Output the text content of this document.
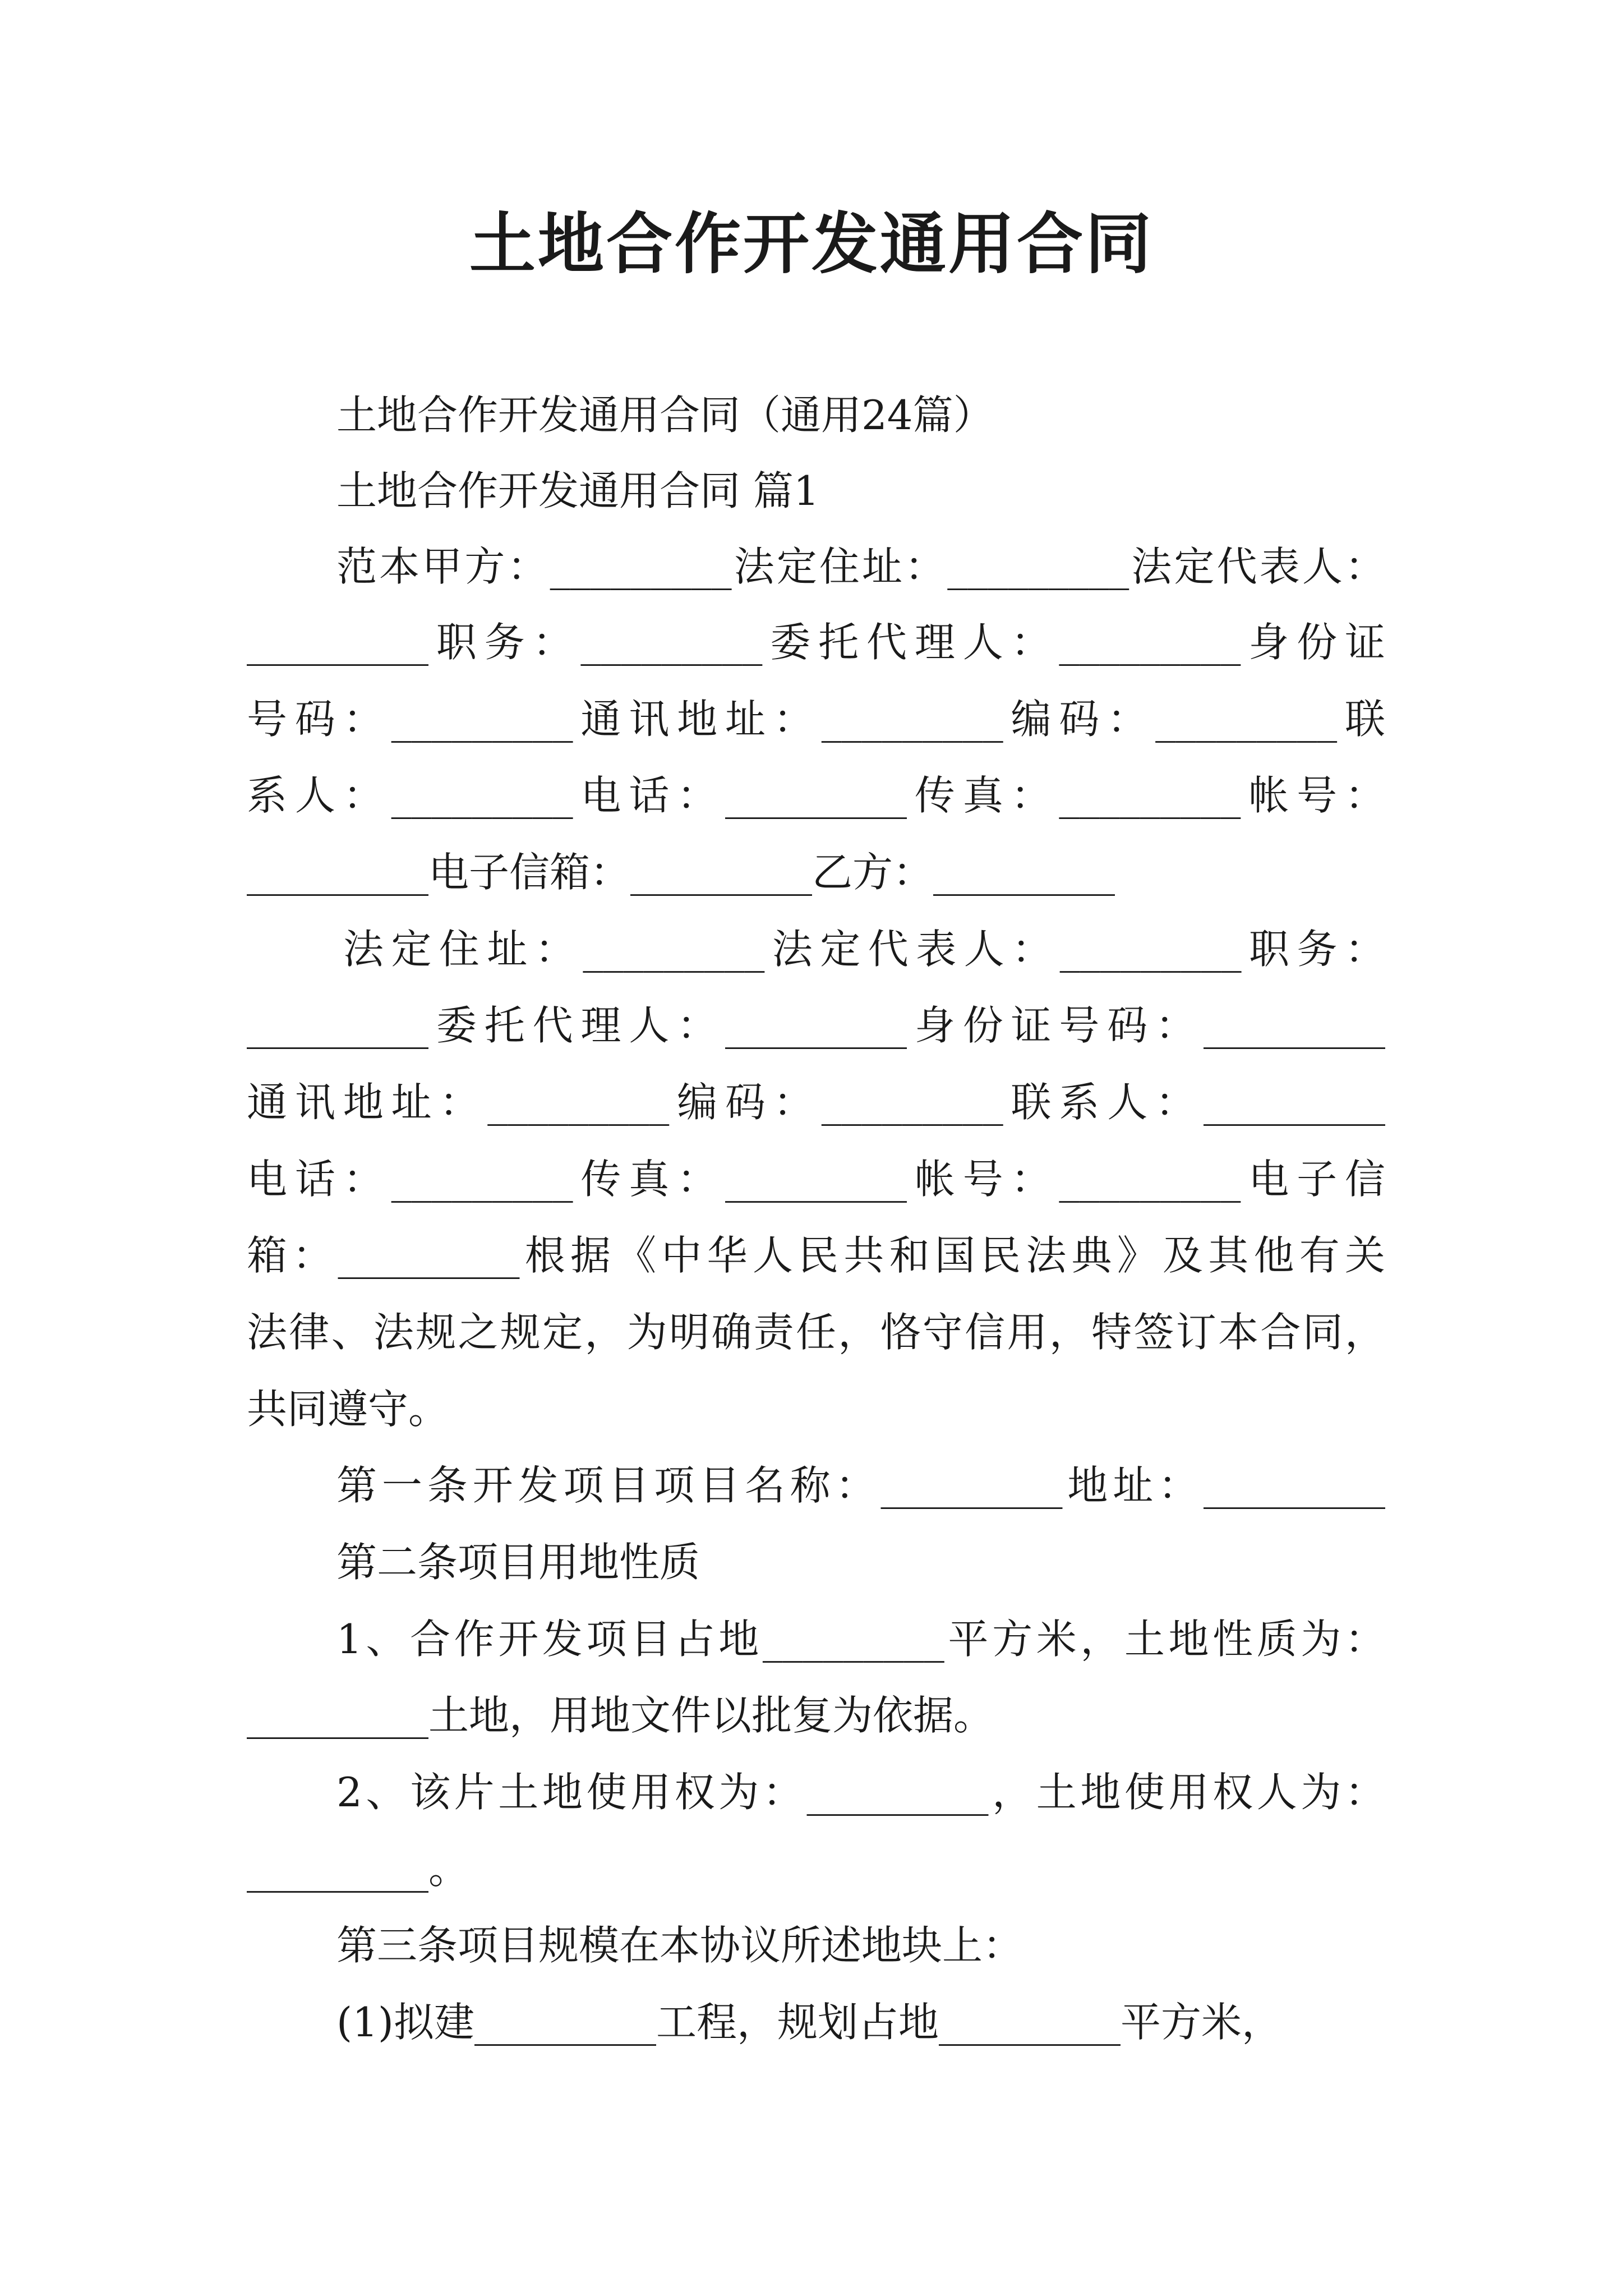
土地合作开发通用合同
土地合作开发通用合同（通用24篇）
土地合作开发通用合同 篇1
范本甲方：_________法定住址：_________法定代表人：
_________职务：_________委托代理人：_________身份证
号码：_________通讯地址：_________编码：_________联
系人：_________电话：_________传真：_________帐号：
_________电子信箱：_________乙方：_________
法定住址：_________法定代表人：_________职务：
_________委托代理人：_________身份证号码：_________
通讯地址：_________编码：_________联系人：_________
电话：_________传真：_________帐号：_________电子信
箱：_________根据《中华人民共和国民法典》及其他有关
法律、法规之规定，为明确责任，恪守信用，特签订本合同，
共同遵守。
第一条开发项目项目名称：_________地址：_________
第二条项目用地性质
1、合作开发项目占地_________平方米，土地性质为：
_________土地，用地文件以批复为依据。
2、该片土地使用权为：_________，土地使用权人为：
_________。
第三条项目规模在本协议所述地块上：
(1)拟建_________工程，规划占地_________平方米，
